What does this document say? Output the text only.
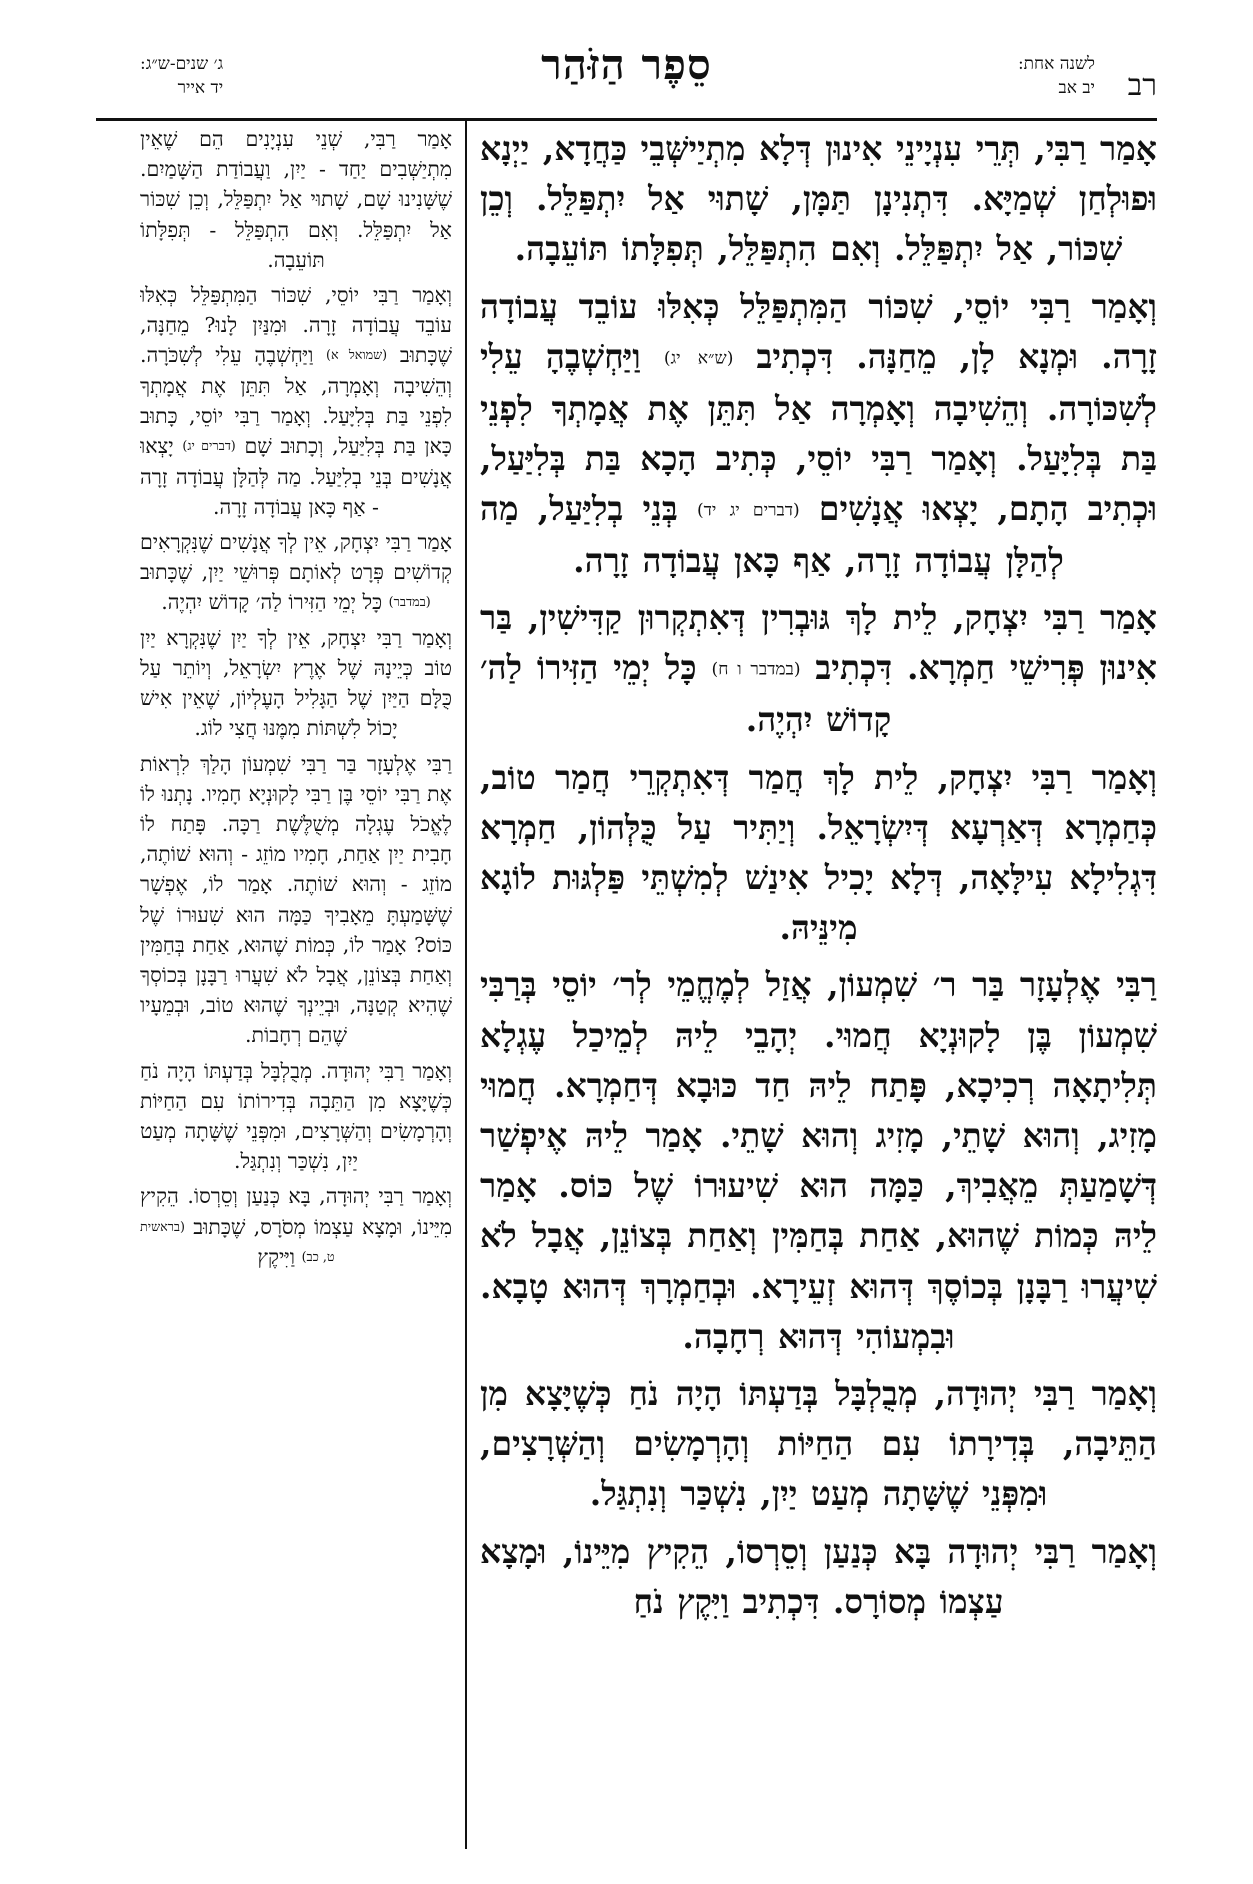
רב
לשנה אחת:
יב אב
סֵפֶר הַזֹּהַר
ג׳ שנים-ש״ג:
יד אייר

אָמַר רַבִּי, תְּרֵי עִנְיָינֵי אִינוּן דְּלָא מִתְיַישְּׁבֵי כַּחֲדָא, יַיְנָא וּפוּלְחַן שְׁמַיָּא. דִּתְנִינָן תַּמָּן, שָׁתוּי אַל יִתְפַּלֵּל. וְכֵן שִׁכּוֹר, אַל יִתְפַּלֵּל. וְאִם הִתְפַּלֵּל, תְּפִלָּתוֹ תּוֹעֵבָה.

וְאָמַר רַבִּי יוֹסֵי, שִׁכּוֹר הַמִּתְפַּלֵּל כְּאִלּוּ עוֹבֵד עֲבוֹדָה זָרָה. וּמְנָא לָן, מֵחַנָּה. דִּכְתִיב (ש״א יג) וַיַּחְשְׁבֶהָ עֵלִי לְשִׁכּוֹרָה. וְהֵשִׁיבָה וְאָמְרָה אַל תִּתֵּן אֶת אֲמָתְךָ לִפְנֵי בַּת בְּלִיָּעַל. וְאָמַר רַבִּי יוֹסֵי, כְּתִיב הָכָא בַּת בְּלִיַּעַל, וּכְתִיב הָתָם, יָצְאוּ אֲנָשִׁים (דברים יג יד) בְּנֵי בְלִיַּעַל, מַה לְהַלָּן עֲבוֹדָה זָרָה, אַף כָּאן עֲבוֹדָה זָרָה.

אָמַר רַבִּי יִצְחָק, לֵית לָךְ גּוּבְרִין דְּאִתְקְרוּן קַדִּישִׁין, בַּר אִינוּן פְּרִישֵׁי חַמְרָא. דִּכְתִיב (במדבר ו ח) כָּל יְמֵי הַזִּירוֹ לַה׳ קָדוֹשׁ יִהְיֶה.

וְאָמַר רַבִּי יִצְחָק, לֵית לָךְ חֲמַר דְּאִתְקְרֵי חֲמַר טוֹב, כְּחַמְרָא דְּאַרְעָא דְּיִשְׂרָאֵל. וְיַתִּיר עַל כֻּלְּהוֹן, חַמְרָא דִּגְלִילָא עִילָּאָה, דְּלָא יָכִיל אִינַשׁ לְמִשְׁתֵּי פַּלְגּוּת לוֹגָא מִינֵּיהּ.

רַבִּי אֶלְעָזָר בַּר ר׳ שִׁמְעוֹן, אֲזַל לְמֶחֱמֵי לְר׳ יוֹסֵי בְּרַבִּי שִׁמְעוֹן בֶּן לָקוּנְיָא חֲמוּי. יְהָבֵי לֵיהּ לְמֵיכַל עֶגְלָא תְּלִיתָאָה רְכִיכָא, פָּתַח לֵיהּ חַד כּוּבָא דְּחַמְרָא. חֲמוּי מָזִיג, וְהוּא שָׁתֵי, מָזִיג וְהוּא שָׁתֵי. אָמַר לֵיהּ אֶיפְשַׁר דְּשָׁמַעַתְּ מֵאֲבִיךְ, כַּמָּה הוּא שִׁיעוּרוֹ שֶׁל כּוֹס. אָמַר לֵיהּ כְּמוֹת שֶׁהוּא, אַחַת בְּחַמִּין וְאַחַת בְּצוֹנֵן, אֲבָל לֹא שִׁיעֲרוּ רַבָּנָן בְּכוֹסֶךְ דְּהוּא זְעֵירָא. וּבְחַמְרָךְ דְּהוּא טָבָא. וּבִמְעוֹהִי דְּהוּא רְחָבָה.

וְאָמַר רַבִּי יְהוּדָה, מְבֻלְבָּל בְּדַעְתּוֹ הָיָה נֹחַ כְּשֶׁיָּצָא מִן הַתֵּיבָה, בְּדִירָתוֹ עִם הַחַיּוֹת וְהָרְמָשִׂים וְהַשְּׁרָצִים, וּמִפְּנֵי שֶׁשָּׁתָה מְעַט יַיִן, נִשְׁכַּר וְנִתְגַּל.

וְאָמַר רַבִּי יְהוּדָה בָּא כְּנַעַן וְסֵרְסוֹ, הֵקִיץ מִיֵּינוֹ, וּמָצָא עַצְמוֹ מְסוֹרָס. דִּכְתִיב וַיִּקֶץ נֹחַ

אָמַר רַבִּי, שְׁנֵי עִנְיָנִים הֵם שֶׁאֵין מִתְיַשְּׁבִים יַחַד - יַיִן, וַעֲבוֹדַת הַשָּׁמַיִם. שֶׁשָּׁנִינוּ שָׁם, שָׁתוּי אַל יִתְפַּלֵּל, וְכֵן שִׁכּוֹר אַל יִתְפַּלֵּל. וְאִם הִתְפַּלֵּל - תְּפִלָּתוֹ תּוֹעֵבָה.

וְאָמַר רַבִּי יוֹסֵי, שִׁכּוֹר הַמִּתְפַּלֵּל כְּאִלּוּ עוֹבֵד עֲבוֹדָה זָרָה. וּמִנַּיִן לָנוּ? מֵחַנָּה, שֶׁכָּתוּב (שמואל א) וַיַּחְשְׁבֶהָ עֵלִי לְשִׁכֹּרָה. וְהֵשִׁיבָה וְאָמְרָה, אַל תִּתֵּן אֶת אֲמָתְךָ לִפְנֵי בַּת בְּלִיָּעַל. וְאָמַר רַבִּי יוֹסֵי, כָּתוּב כָּאן בַּת בְּלִיַּעַל, וְכָתוּב שָׁם (דברים יג) יָצְאוּ אֲנָשִׁים בְּנֵי בְלִיַּעַל. מַה לְּהַלָּן עֲבוֹדָה זָרָה - אַף כָּאן עֲבוֹדָה זָרָה.

אָמַר רַבִּי יִצְחָק, אֵין לְךָ אֲנָשִׁים שֶׁנִּקְרָאִים קְדוֹשִׁים פְּרָט לְאוֹתָם פְּרוּשֵׁי יַיִן, שֶׁכָּתוּב (במדבר) כָּל יְמֵי הַזִּירוֹ לַה׳ קָדוֹשׁ יִהְיֶה.

וְאָמַר רַבִּי יִצְחָק, אֵין לְךָ יַיִן שֶׁנִּקְרָא יַיִן טוֹב כְּיֵינָהּ שֶׁל אֶרֶץ יִשְׂרָאֵל, וְיוֹתֵר עַל כֻּלָּם הַיַּיִן שֶׁל הַגָּלִיל הָעֶלְיוֹן, שֶׁאֵין אִישׁ יָכוֹל לִשְׁתּוֹת מִמֶּנּוּ חֲצִי לוֹג.

רַבִּי אֶלְעָזָר בַּר רַבִּי שִׁמְעוֹן הָלַךְ לִרְאוֹת אֶת רַבִּי יוֹסֵי בֶּן רַבִּי לָקוּנְיָא חָמִיו. נָתְנוּ לוֹ לֶאֱכֹל עֶגְלָה מְשֻׁלֶּשֶׁת רַכָּה. פָּתַח לוֹ חָבִית יַיִן אַחַת, חָמִיו מוֹזֵג - וְהוּא שׁוֹתֶה, מוֹזֵג - וְהוּא שׁוֹתֶה. אָמַר לוֹ, אֶפְשָׁר שֶׁשָּׁמַעְתָּ מֵאָבִיךָ כַּמָּה הוּא שִׁעוּרוֹ שֶׁל כּוֹס? אָמַר לוֹ, כְּמוֹת שֶׁהוּא, אַחַת בְּחַמִּין וְאַחַת בְּצוֹנֵן, אֲבָל לֹא שִׁעֲרוּ רַבָּנָן בְּכוֹסְךָ שֶׁהִיא קְטַנָּה, וּבְיֵינְךָ שֶׁהוּא טוֹב, וּבְמֵעָיו שֶׁהֵם רְחָבוֹת.

וְאָמַר רַבִּי יְהוּדָה. מְבֻלְבָּל בְּדַעְתּוֹ הָיָה נֹחַ כְּשֶׁיָּצָא מִן הַתֵּבָה בְּדִירוֹתוֹ עִם הַחַיּוֹת וְהָרְמָשִׂים וְהַשְּׁרָצִים, וּמִפְּנֵי שֶׁשָּׁתָה מְעַט יַיִן, נִשְׁכַּר וְנִתְגַּל.

וְאָמַר רַבִּי יְהוּדָה, בָּא כְּנַעַן וְסֵרְסוֹ. הֵקִיץ מִיֵּינוֹ, וּמָצָא עַצְמוֹ מְסֹרָס, שֶׁכָּתוּב (בראשית ט, כב) וַיִּיקֶץ
